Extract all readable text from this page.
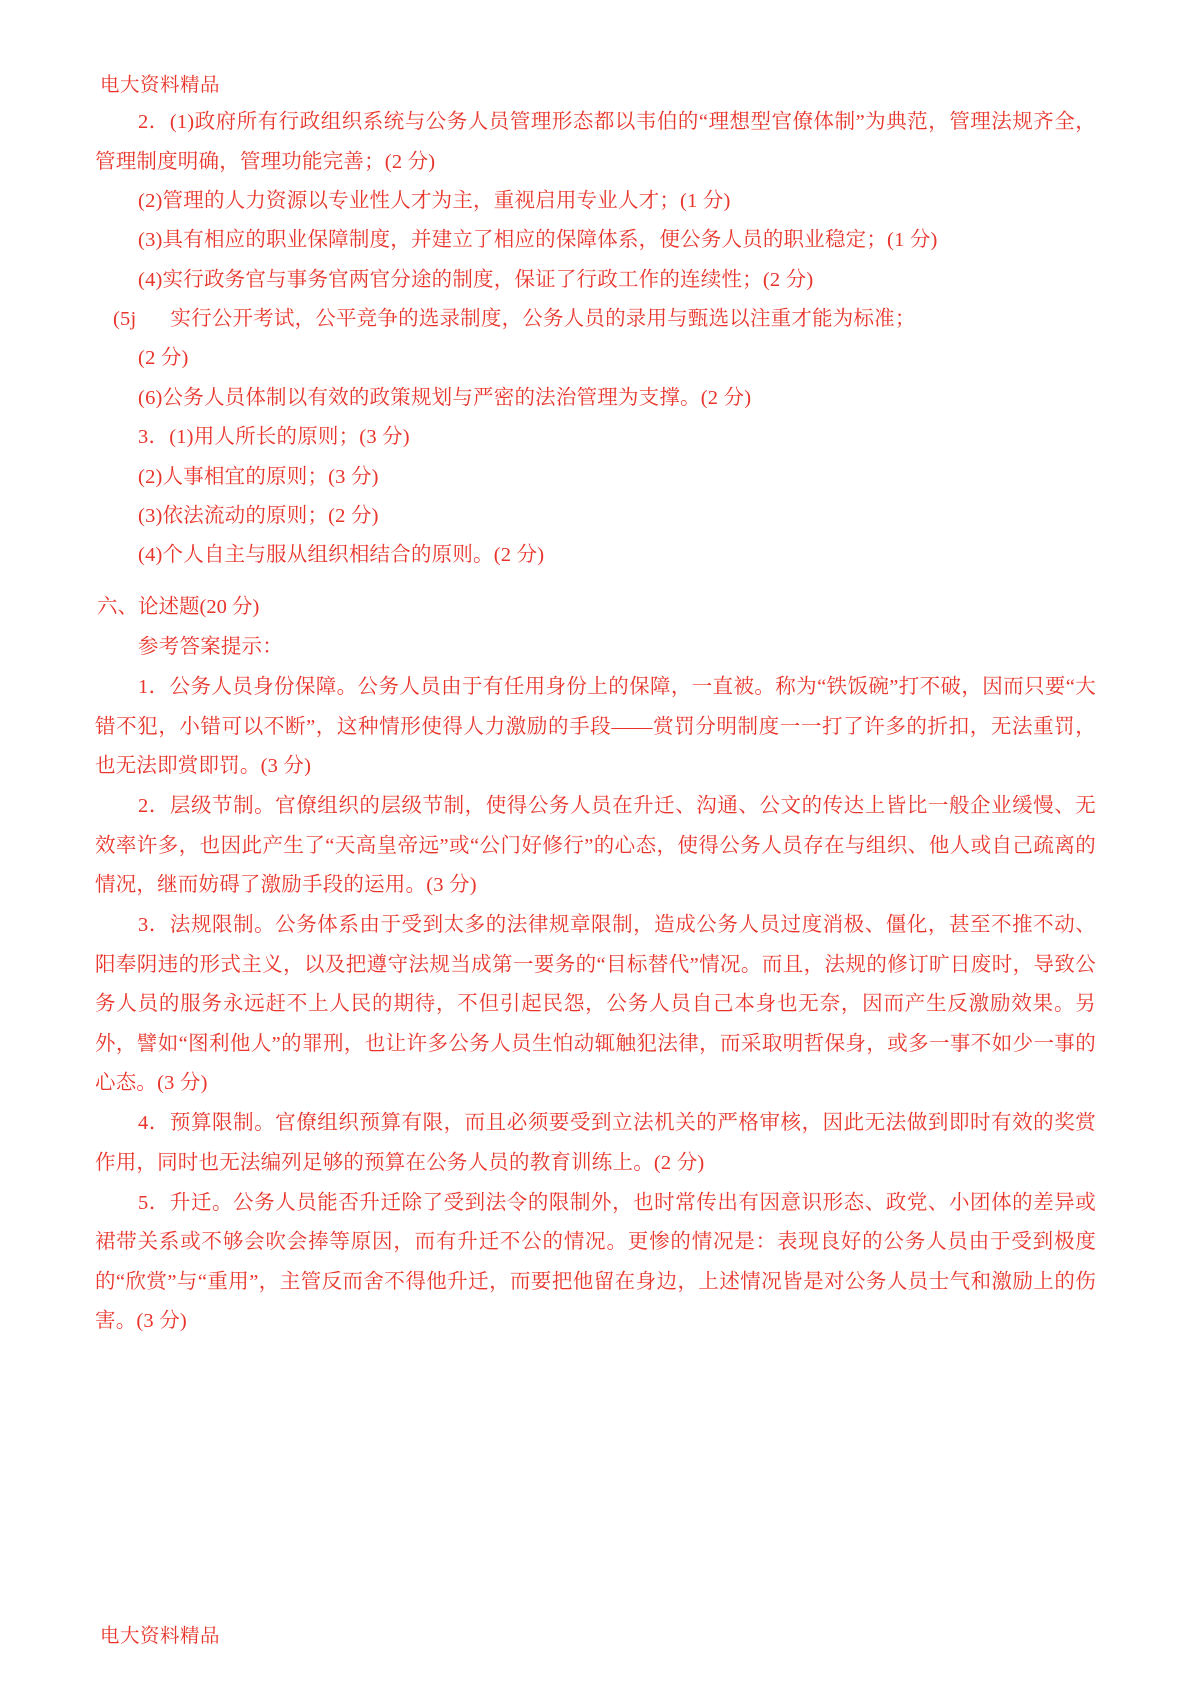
电大资料精品

2．(1)政府所有行政组织系统与公务人员管理形态都以韦伯的“理想型官僚体制”为典范，管理法规齐全，管理制度明确，管理功能完善；(2 分)

(2)管理的人力资源以专业性人才为主，重视启用专业人才；(1 分)

(3)具有相应的职业保障制度，并建立了相应的保障体系，便公务人员的职业稳定；(1 分)

(4)实行政务官与事务官两官分途的制度，保证了行政工作的连续性；(2 分)

(5j 实行公开考试，公平竞争的选录制度，公务人员的录用与甄选以注重才能为标准；

(2 分)

(6)公务人员体制以有效的政策规划与严密的法治管理为支撑。(2 分)

3．(1)用人所长的原则；(3 分)

(2)人事相宜的原则；(3 分)

(3)依法流动的原则；(2 分)

(4)个人自主与服从组织相结合的原则。(2 分)

六、论述题(20 分)

参考答案提示：

1．公务人员身份保障。公务人员由于有任用身份上的保障，一直被。称为“铁饭碗”打不破，因而只要“大错不犯，小错可以不断”，这种情形使得人力激励的手段——赏罚分明制度一一打了许多的折扣，无法重罚，也无法即赏即罚。(3 分)

2．层级节制。官僚组织的层级节制，使得公务人员在升迁、沟通、公文的传达上皆比一般企业缓慢、无效率许多，也因此产生了“天高皇帝远”或“公门好修行”的心态，使得公务人员存在与组织、他人或自己疏离的情况，继而妨碍了激励手段的运用。(3 分)

3．法规限制。公务体系由于受到太多的法律规章限制，造成公务人员过度消极、僵化，甚至不推不动、阳奉阴违的形式主义，以及把遵守法规当成第一要务的“目标替代”情况。而且，法规的修订旷日废时，导致公务人员的服务永远赶不上人民的期待，不但引起民怨，公务人员自己本身也无奈，因而产生反激励效果。另外，譬如“图利他人”的罪刑，也让许多公务人员生怕动辄触犯法律，而采取明哲保身，或多一事不如少一事的心态。(3 分)

4．预算限制。官僚组织预算有限，而且必须要受到立法机关的严格审核，因此无法做到即时有效的奖赏作用，同时也无法编列足够的预算在公务人员的教育训练上。(2 分)

5．升迁。公务人员能否升迁除了受到法令的限制外，也时常传出有因意识形态、政党、小团体的差异或裙带关系或不够会吹会捧等原因，而有升迁不公的情况。更惨的情况是：表现良好的公务人员由于受到极度的“欣赏”与“重用”，主管反而舍不得他升迁，而要把他留在身边，上述情况皆是对公务人员士气和激励上的伤害。(3 分)

电大资料精品
